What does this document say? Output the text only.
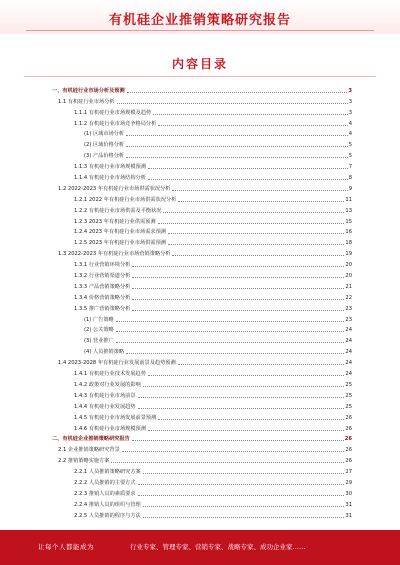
有机硅企业推销策略研究报告
内容目录
一、有机硅行业市场分析及预测	3
1.1 有机硅行业市场分析	3
1.1.1 有机硅行业市场规模及趋势	3
1.1.2 有机硅行业市场竞争格局分析	4
(1) 区域市场分析	4
(2) 区域价格分析	5
(3) 产品价格分析	5
1.1.3 有机硅行业市场规模预测	7
1.1.4 有机硅行业市场结构分析	8
1.2 2022-2023 年有机硅行业市场供需状况分析	9
1.2.1 2022 年有机硅行业市场供需状况分析	11
1.2.2 有机硅行业市场供需及平衡状况	13
1.2.3 2023 年有机硅行业供需预测	15
1.2.4 2023 年有机硅行业市场需求预测	16
1.2.5 2023 年有机硅行业市场供需预测	18
1.3 2022-2023 年有机硅行业市场营销策略分析	19
1.3.1 行业营销环境分析	20
1.3.2 行业营销渠道分析	20
1.3.3 产品营销策略分析	21
1.3.4 价格营销策略分析	22
1.3.5 推广营销策略分析	23
(1) 广告策略	23
(2) 公关策略	24
(3) 营业推广	24
(4) 人员推销策略	24
1.4 2023-2028 年有机硅行业发展前景及趋势预测	24
1.4.1 有机硅行业技术发展趋势	24
1.4.2 政策对行业发展的影响	25
1.4.3 有机硅行业市场前景	25
1.4.4 有机硅行业发展趋势	25
1.4.5 有机硅行业市场发展前景预测	26
1.4.6 有机硅行业市场规模预测	26
二、有机硅企业推销策略研究报告	26
2.1 企业推销策略研究背景	26
2.2 推销策略实施方案	26
2.2.1 人员推销策略研究方案	27
2.2.2 人员推销的主要方式	29
2.2.3 推销人员的素质要求	30
2.2.4 推销人员的组织与管理	31
2.2.5 人员推销的程序与方法	31
让每个人都能成为	行业专家、管理专家、营销专家、战略专家、成功企业家……
